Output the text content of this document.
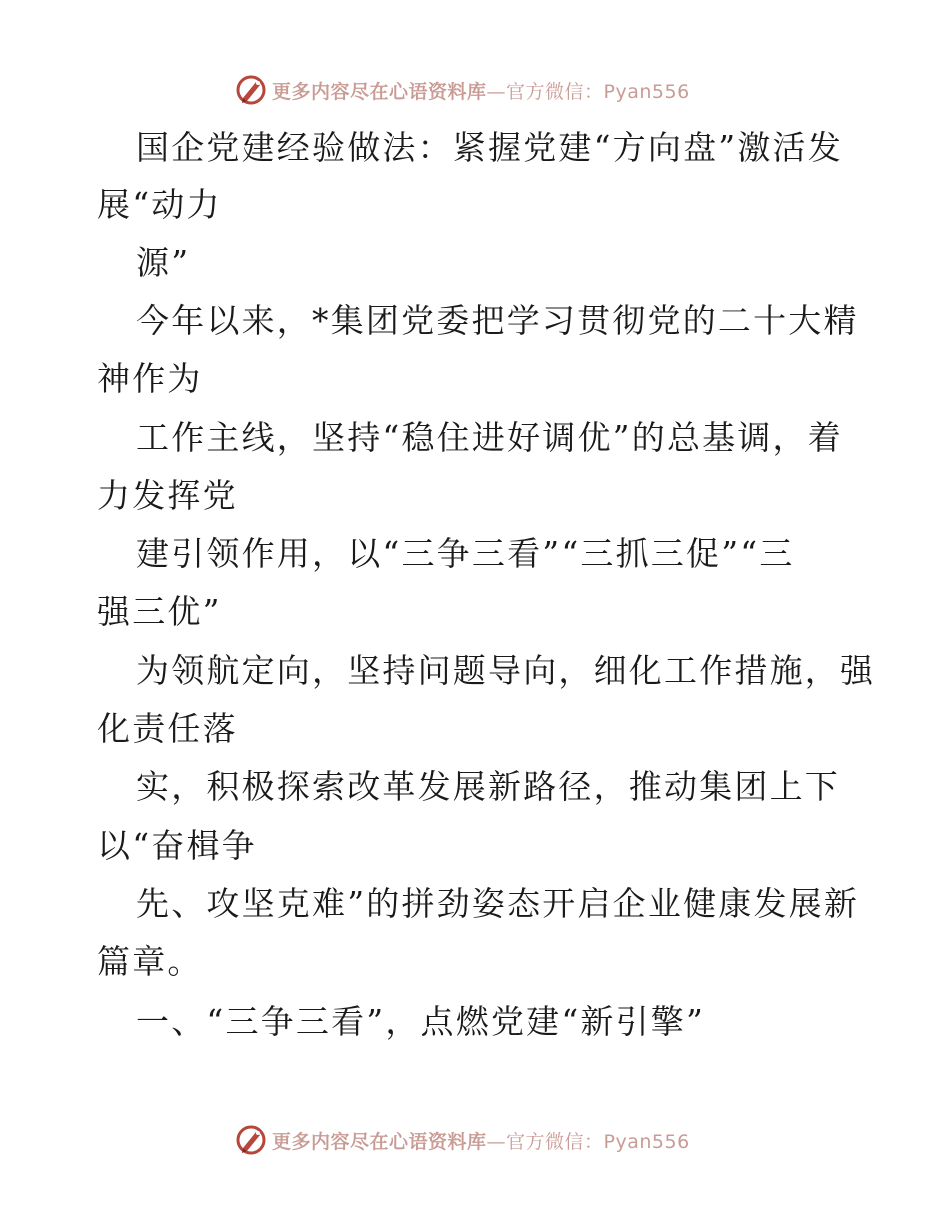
更多内容尽在心语资料库—官方微信：Pyan556
国企党建经验做法：紧握党建“方向盘”激活发
展“动力
源”
今年以来，*集团党委把学习贯彻党的二十大精
神作为
工作主线，坚持“稳住进好调优”的总基调，着
力发挥党
建引领作用，以“三争三看”“三抓三促”“三
强三优”
为领航定向，坚持问题导向，细化工作措施，强
化责任落
实，积极探索改革发展新路径，推动集团上下
以“奋楫争
先、攻坚克难”的拼劲姿态开启企业健康发展新
篇章。
一、“三争三看”，点燃党建“新引擎”
更多内容尽在心语资料库—官方微信：Pyan556
